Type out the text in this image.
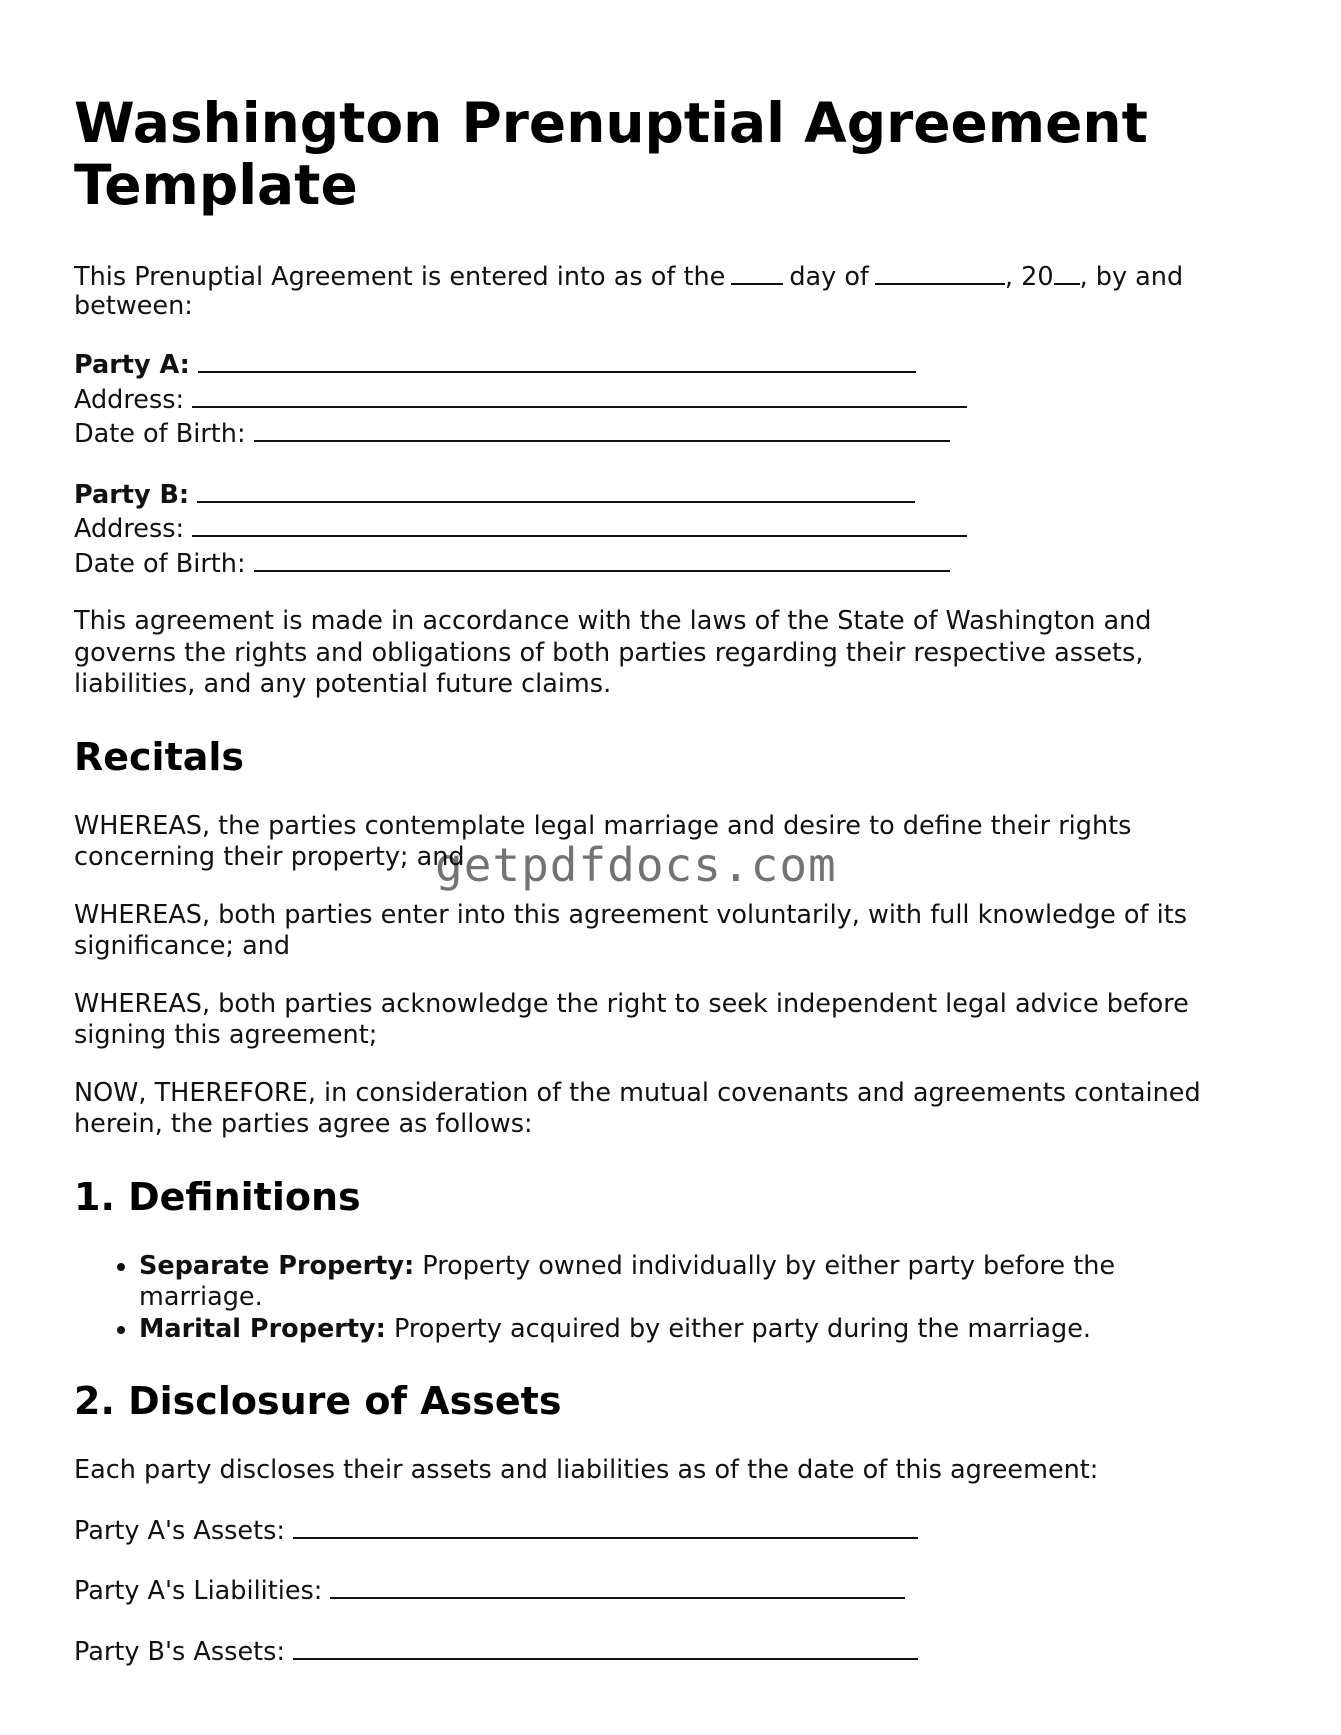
Washington Prenuptial Agreement Template
This Prenuptial Agreement is entered into as of the	day of	, 20 , by and
between:
Party A:
Address:
Date of Birth:
Party B:
Address:
Date of Birth:

This agreement is made in accordance with the laws of the State of Washington and governs the rights and obligations of both parties regarding their respective assets, liabilities, and any potential future claims.

Recitals

WHEREAS, the parties contemplate legal marriage and desire to define their rights concerning their property; and

WHEREAS, both parties enter into this agreement voluntarily, with full knowledge of its significance; and

WHEREAS, both parties acknowledge the right to seek independent legal advice before signing this agreement;

NOW, THEREFORE, in consideration of the mutual covenants and agreements contained herein, the parties agree as follows:

1. Definitions
• Separate Property: Property owned individually by either party before the marriage.
• Marital Property: Property acquired by either party during the marriage.
2. Disclosure of Assets

Each party discloses their assets and liabilities as of the date of this agreement:

Party A's Assets:
Party A's Liabilities:
Party B's Assets:
getpdfdocs.com
